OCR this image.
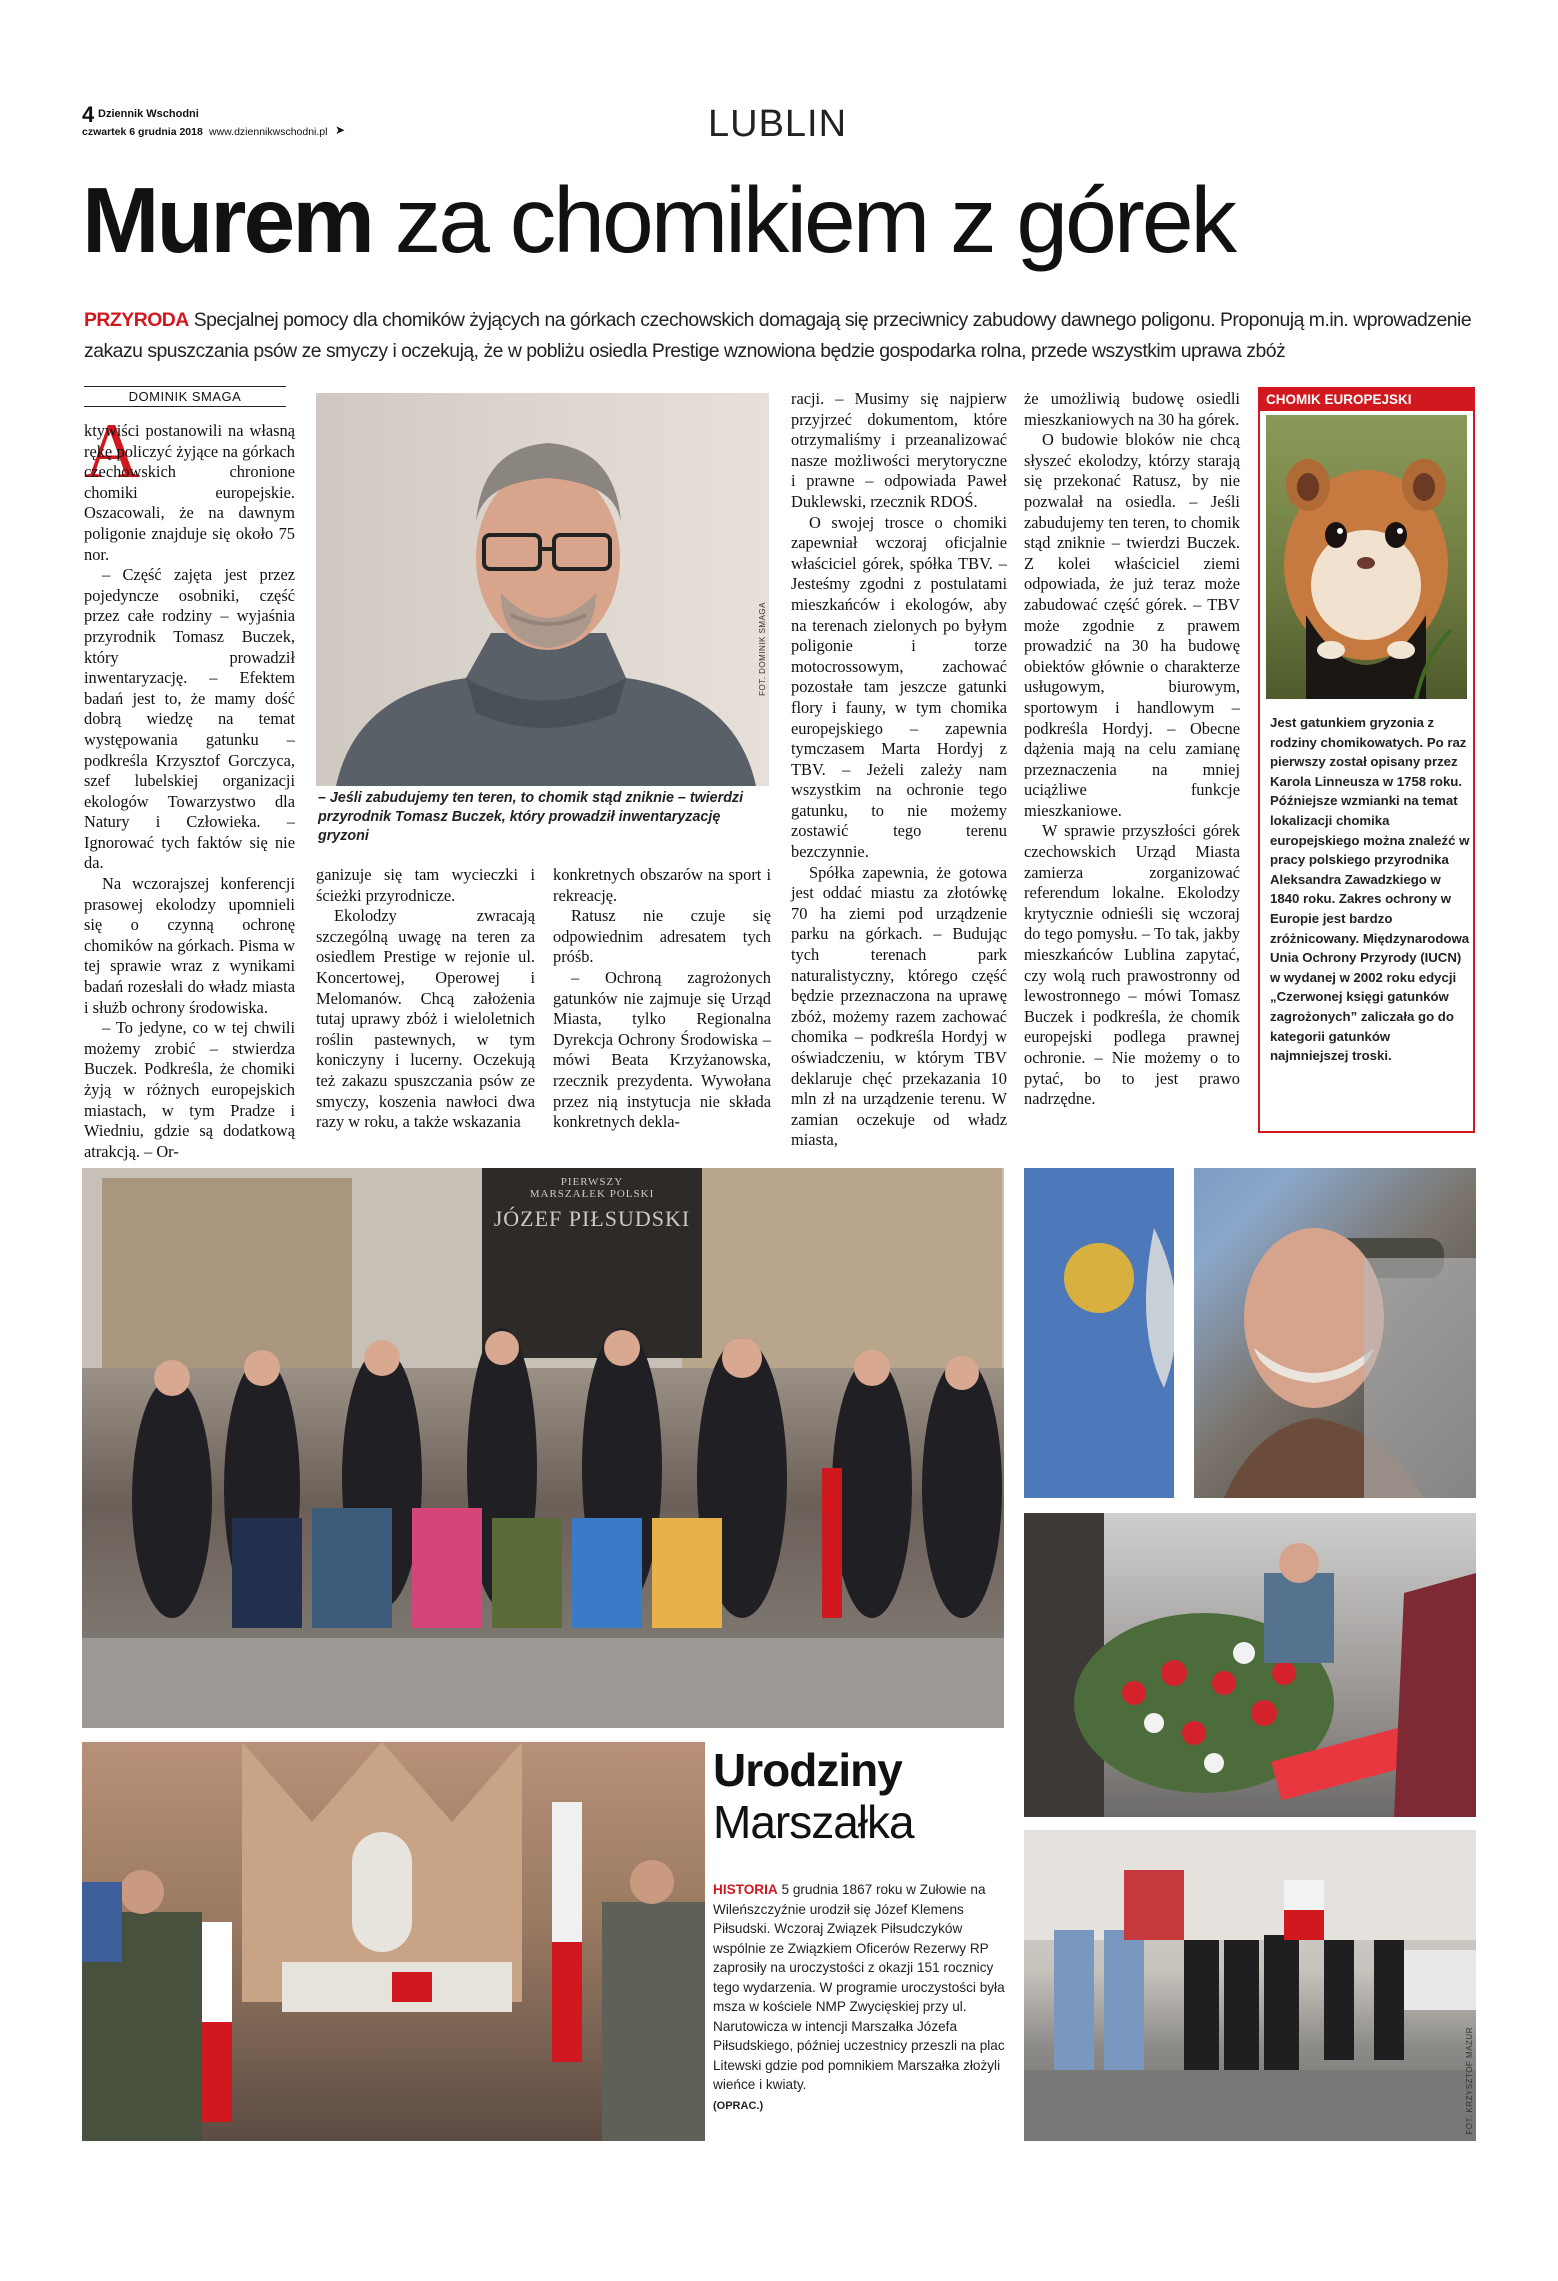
4 Dziennik Wschodni
czwartek 6 grudnia 2018 www.dziennikwschodni.pl ➤	LUBLIN
Murem za chomikiem z górek
PRZYRODA Specjalnej pomocy dla chomików żyjących na górkach czechowskich domagają się przeciwnicy zabudowy dawnego poligonu. Proponują m.in. wprowadzenie zakazu spuszczania psów ze smyczy i oczekują, że w pobliżu osiedla Prestige wznowiona będzie gospodarka rolna, przede wszystkim uprawa zbóż
DOMINIK SMAGA
A

ktywiści postanowili na własną rękę policzyć żyjące na górkach czechowskich chronione chomiki europejskie. Oszacowali, że na dawnym poligonie znajduje się około 75 nor.

– Część zajęta jest przez pojedyncze osobniki, część przez całe rodziny – wyjaśnia przyrodnik Tomasz Buczek, który prowadził inwentaryzację. – Efektem badań jest to, że mamy dość dobrą wiedzę na temat występowania gatunku – podkreśla Krzysztof Gorczyca, szef lubelskiej organizacji ekologów Towarzystwo dla Natury i Człowieka. – Ignorować tych faktów się nie da.

Na wczorajszej konferencji prasowej ekolodzy upomnieli się o czynną ochronę chomików na górkach. Pisma w tej sprawie wraz z wynikami badań rozesłali do władz miasta i służb ochrony środowiska.

– To jedyne, co w tej chwili możemy zrobić – stwierdza Buczek. Podkreśla, że chomiki żyją w różnych europejskich miastach, w tym Pradze i Wiedniu, gdzie są dodatkową atrakcją. – Or-

FOT. DOMINIK SMAGA
– Jeśli zabudujemy ten teren, to chomik stąd zniknie – twierdzi przyrodnik Tomasz Buczek, który prowadził inwentaryzację gryzoni

ganizuje się tam wycieczki i ścieżki przyrodnicze.

Ekolodzy zwracają szczególną uwagę na teren za osiedlem Prestige w rejonie ul. Koncertowej, Operowej i Melomanów. Chcą założenia tutaj uprawy zbóż i wieloletnich roślin pastewnych, w tym koniczyny i lucerny. Oczekują też zakazu spuszczania psów ze smyczy, koszenia nawłoci dwa razy w roku, a także wskazania

racji. – Musimy się najpierw przyjrzeć dokumentom, które otrzymaliśmy i przeanalizować nasze możliwości merytoryczne i prawne – odpowiada Paweł Duklewski, rzecznik RDOŚ.

O swojej trosce o chomiki zapewniał wczoraj oficjalnie właściciel górek, spółka TBV. – Jesteśmy zgodni z postulatami mieszkańców i ekologów, aby na terenach zielonych po byłym poligonie i torze motocrossowym, zachować pozostałe tam jeszcze gatunki flory i fauny, w tym chomika europejskiego – zapewnia tymczasem Marta Hordyj z TBV. – Jeżeli zależy nam wszystkim na ochronie tego gatunku, to nie możemy zostawić tego terenu bezczynnie.

Spółka zapewnia, że gotowa jest oddać miastu za złotówkę 70 ha ziemi pod urządzenie parku na górkach. – Budując tych terenach park naturalistyczny, którego część będzie przeznaczona na uprawę zbóż, możemy razem zachować chomika – podkreśla Hordyj w oświadczeniu, w którym TBV deklaruje chęć przekazania 10 mln zł na urządzenie terenu. W zamian oczekuje od władz miasta,

konkretnych obszarów na sport i rekreację.

Ratusz nie czuje się odpowiednim adresatem tych próśb.

– Ochroną zagrożonych gatunków nie zajmuje się Urząd Miasta, tylko Regionalna Dyrekcja Ochrony Środowiska – mówi Beata Krzyżanowska, rzecznik prezydenta. Wywołana przez nią instytucja nie składa konkretnych dekla-

że umożliwią budowę osiedli mieszkaniowych na 30 ha górek.

O budowie bloków nie chcą słyszeć ekolodzy, którzy starają się przekonać Ratusz, by nie pozwalał na osiedla. – Jeśli zabudujemy ten teren, to chomik stąd zniknie – twierdzi Buczek. Z kolei właściciel ziemi odpowiada, że już teraz może zabudować część górek. – TBV może zgodnie z prawem prowadzić na 30 ha budowę obiektów głównie o charakterze usługowym, biurowym, sportowym i handlowym – podkreśla Hordyj. – Obecne dążenia mają na celu zamianę przeznaczenia na mniej uciążliwe funkcje mieszkaniowe.

W sprawie przyszłości górek czechowskich Urząd Miasta zamierza zorganizować referendum lokalne. Ekolodzy krytycznie odnieśli się wczoraj do tego pomysłu. – To tak, jakby mieszkańców Lublina zapytać, czy wolą ruch prawostronny od lewostronnego – mówi Tomasz Buczek i podkreśla, że chomik europejski podlega prawnej ochronie. – Nie możemy o to pytać, bo to jest prawo nadrzędne.

CHOMIK EUROPEJSKI
Jest gatunkiem gryzonia z rodziny chomikowatych. Po raz pierwszy został opisany przez Karola Linneusza w 1758 roku. Późniejsze wzmianki na temat lokalizacji chomika europejskiego można znaleźć w pracy polskiego przyrodnika Aleksandra Zawadzkiego w 1840 roku. Zakres ochrony w Europie jest bardzo zróżnicowany. Międzynarodowa Unia Ochrony Przyrody (IUCN) w wydanej w 2002 roku edycji „Czerwonej księgi gatunków zagrożonych” zaliczała go do kategorii gatunków najmniejszej troski.
PIERWSZY
MARSZAŁEK POLSKI
JÓZEF PIŁSUDSKI
FOT. KRZYSZTOF MAZUR
Urodziny
Marszałka
HISTORIA 5 grudnia 1867 roku w Zułowie na Wileńszczyźnie urodził się Józef Klemens Piłsudski. Wczoraj Związek Piłsudczyków wspólnie ze Związkiem Oficerów Rezerwy RP zaprosiły na uroczystości z okazji 151 rocznicy tego wydarzenia. W programie uroczystości była msza w kościele NMP Zwycięskiej przy ul. Narutowicza w intencji Marszałka Józefa Piłsudskiego, później uczestnicy przeszli na plac Litewski gdzie pod pomnikiem Marszałka złożyli wieńce i kwiaty.
(OPRAC.)
